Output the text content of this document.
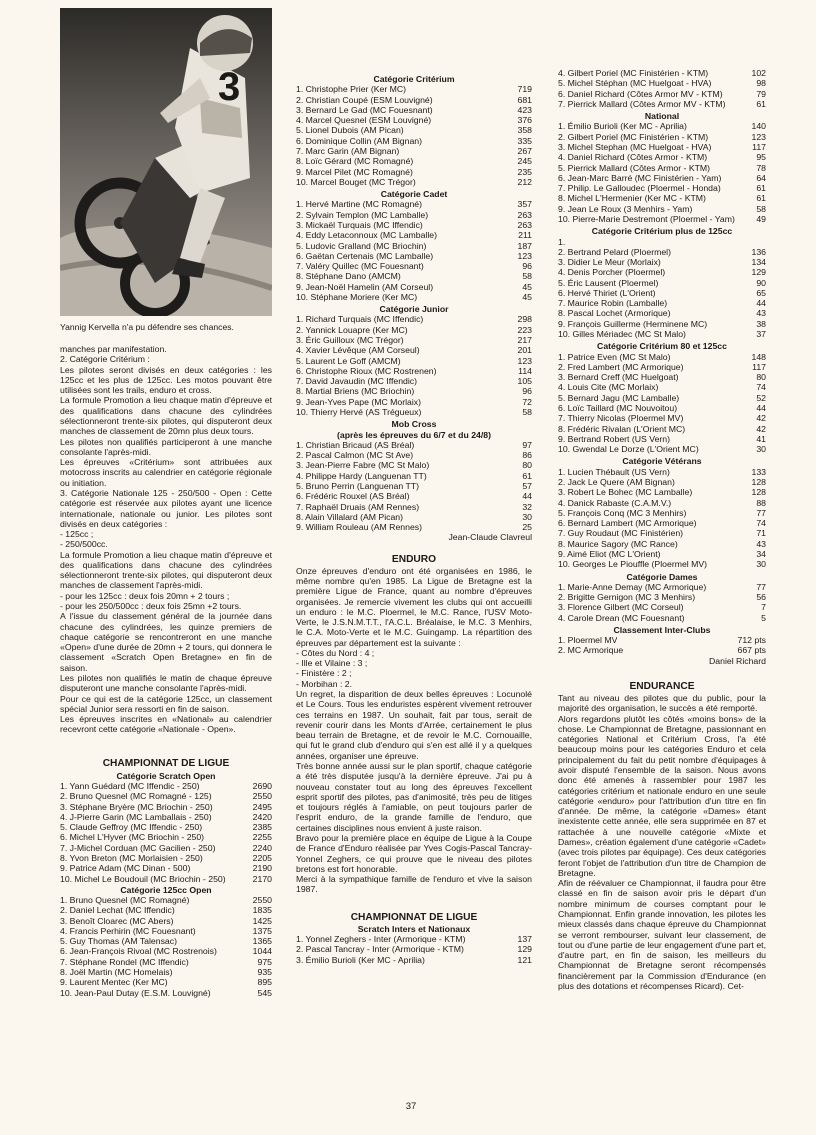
3
Yannig Kervella n'a pu défendre ses chances.

manches par manifestation.

2. Catégorie Critérium :

Les pilotes seront divisés en deux catégories : les 125cc et les plus de 125cc. Les motos pouvant être utilisées sont les trails, enduro et cross.

La formule Promotion a lieu chaque matin d'épreuve et des qualifications dans chacune des cylindrées sélectionneront trente-six pilotes, qui disputeront deux manches de classement de 20mn plus deux tours.

Les pilotes non qualifiés participeront à une manche consolante l'après-midi.

Les épreuves «Critérium» sont attribuées aux motocross inscrits au calendrier en catégorie régionale ou initiation.

3. Catégorie Nationale 125 - 250/500 - Open : Cette catégorie est réservée aux pilotes ayant une licence internationale, nationale ou junior. Les pilotes sont divisés en deux catégories :

- 125cc ;

- 250/500cc.

La formule Promotion a lieu chaque matin d'épreuve et des qualifications dans chacune des cylindrées sélectionneront trente-six pilotes, qui disputeront deux manches de classement l'après-midi.

- pour les 125cc : deux fois 20mn + 2 tours ;

- pour les 250/500cc : deux fois 25mn +2 tours.

A l'issue du classement général de la journée dans chacune des cylindrées, les quinze premiers de chaque catégorie se rencontreront en une manche «Open» d'une durée de 20mn + 2 tours, qui donnera le classement «Scratch Open Bretagne» en fin de saison.

Les pilotes non qualifiés le matin de chaque épreuve disputeront une manche consolante l'après-midi.

Pour ce qui est de la catégorie 125cc, un classement spécial Junior sera ressorti en fin de saison.

Les épreuves inscrites en «National» au calendrier recevront cette catégorie «Nationale - Open».

CHAMPIONNAT DE LIGUE
Catégorie Scratch Open
1. Yann Guédard (MC Iffendic - 250)	2690
2. Bruno Quesnel (MC Romagné - 125)	2550
3. Stéphane Bryère (MC Briochin - 250)	2495
4. J-Pierre Garin (MC Lamballais - 250)	2420
5. Claude Geffroy (MC Iffendic - 250)	2385
6. Michel L'Hyver (MC Briochin - 250)	2255
7. J-Michel Corduan (MC Gacilien - 250)	2240
8. Yvon Breton (MC Morlaisien - 250)	2205
9. Patrice Adam (MC Dinan - 500)	2190
10. Michel Le Boudouil (MC Briochin - 250)	2170
Catégorie 125cc Open
1. Bruno Quesnel (MC Romagné)	2550
2. Daniel Lechat (MC Iffendic)	1835
3. Benoît Cloarec (MC Abers)	1425
4. Francis Perhirin (MC Fouesnant)	1375
5. Guy Thomas (AM Talensac)	1365
6. Jean-François Rivoal (MC Rostrenois)	1044
7. Stéphane Rondel (MC Iffendic)	975
8. Joël Martin (MC Homelais)	935
9. Laurent Mentec (Ker MC)	895
10. Jean-Paul Dutay (E.S.M. Louvigné)	545
Catégorie Critérium
1. Christophe Prier (Ker MC)	719
2. Christian Coupé (ESM Louvigné)	681
3. Bernard Le Gad (MC Fouesnant)	423
4. Marcel Quesnel (ESM Louvigné)	376
5. Lionel Dubois (AM Pican)	358
6. Dominique Collin (AM Bignan)	335
7. Marc Garin (AM Bignan)	267
8. Loïc Gérard (MC Romagné)	245
9. Marcel Pilet (MC Romagné)	235
10. Marcel Bouget (MC Trégor)	212
Catégorie Cadet
1. Hervé Martine (MC Romagné)	357
2. Sylvain Templon (MC Lamballe)	263
3. Mickaël Turquais (MC Iffendic)	263
4. Eddy Letaconnoux (MC Lamballe)	211
5. Ludovic Gralland (MC Briochin)	187
6. Gaëtan Certenais (MC Lamballe)	123
7. Valéry Quillec (MC Fouesnant)	96
8. Stéphane Dano (AMCM)	58
9. Jean-Noël Hamelin (AM Corseul)	45
10. Stéphane Moriere (Ker MC)	45
Catégorie Junior
1. Richard Turquais (MC Iffendic)	298
2. Yannick Louapre (Ker MC)	223
3. Éric Guilloux (MC Trégor)	217
4. Xavier Lévêque (AM Corseul)	201
5. Laurent Le Goff (AMCM)	123
6. Christophe Rioux (MC Rostrenen)	114
7. David Javaudin (MC Iffendic)	105
8. Martial Briens (MC Briochin)	96
9. Jean-Yves Pape (MC Morlaix)	72
10. Thierry Hervé (AS Trégueux)	58
Mob Cross
(après les épreuves du 6/7 et du 24/8)
1. Christian Bricaud (AS Bréal)	97
2. Pascal Calmon (MC St Ave)	86
3. Jean-Pierre Fabre (MC St Malo)	80
4. Philippe Hardy (Languenan TT)	61
5. Bruno Perrin (Languenan TT)	57
6. Frédéric Rouxel (AS Bréal)	44
7. Raphaël Druais (AM Rennes)	32
8. Alain Villalard (AM Pican)	30
9. William Rouleau (AM Rennes)	25
Jean-Claude Clavreul
ENDURO

Onze épreuves d'enduro ont été organisées en 1986, le même nombre qu'en 1985. La Ligue de Bretagne est la première Ligue de France, quant au nombre d'épreuves organisées. Je remercie vivement les clubs qui ont accueilli un enduro : le M.C. Ploermel, le M.C. Rance, l'USV Moto-Verte, le J.S.N.M.T.T., l'A.C.L. Bréalaise, le M.C. 3 Menhirs, le C.A. Moto-Verte et le M.C. Guingamp. La répartition des épreuves par département est la suivante :

- Côtes du Nord : 4 ;

- Ille et Vilaine : 3 ;

- Finistère : 2 ;

- Morbihan : 2.

Un regret, la disparition de deux belles épreuves : Locunolé et Le Cours. Tous les enduristes espèrent vivement retrouver ces terrains en 1987. Un souhait, fait par tous, serait de revenir courir dans les Monts d'Arrée, certainement le plus beau terrain de Bretagne, et de revoir le M.C. Cornouaille, qui fut le grand club d'enduro qui s'en est allé il y a quelques années, organiser une épreuve.

Très bonne année aussi sur le plan sportif, chaque catégorie a été très disputée jusqu'à la dernière épreuve. J'ai pu à nouveau constater tout au long des épreuves l'excellent esprit sportif des pilotes, pas d'animosité, très peu de litiges et toujours réglés à l'amiable, on peut toujours parler de l'esprit enduro, de la grande famille de l'enduro, que certaines disciplines nous envient à juste raison.

Bravo pour la première place en équipe de Ligue à la Coupe de France d'Enduro réalisée par Yves Cogis-Pascal Tancray-Yonnel Zeghers, ce qui prouve que le niveau des pilotes bretons est fort honorable.

Merci à la sympathique famille de l'enduro et vive la saison 1987.

CHAMPIONNAT DE LIGUE
Scratch Inters et Nationaux
1. Yonnel Zeghers - Inter (Armorique - KTM)	137
2. Pascal Tancray - Inter (Armorique - KTM)	129
3. Émilio Burioli (Ker MC - Aprilia)	121
4. Gilbert Poriel (MC Finistérien - KTM)	102
5. Michel Stéphan (MC Huelgoat - HVA)	98
6. Daniel Richard (Côtes Armor MV - KTM)	79
7. Pierrick Mallard (Côtes Armor MV - KTM)	61
National
1. Émilio Burioli (Ker MC - Aprilia)	140
2. Gilbert Poriel (MC Finistérien - KTM)	123
3. Michel Stephan (MC Huelgoat - HVA)	117
4. Daniel Richard (Côtes Armor - KTM)	95
5. Pierrick Mallard (Côtes Armor - KTM)	78
6. Jean-Marc Barré (MC Finistérien - Yam)	64
7. Philip. Le Galloudec (Ploermel - Honda)	61
8. Michel L'Hermenier (Ker MC - KTM)	61
9. Jean Le Roux (3 Menhirs - Yam)	58
10. Pierre-Marie Destremont (Ploermel - Yam)	49
Catégorie Critérium plus de 125cc
1.
2. Bertrand Pelard (Ploermel)	136
3. Didier Le Meur (Morlaix)	134
4. Denis Porcher (Ploermel)	129
5. Éric Lausent (Ploermel)	90
6. Hervé Thiriet (L'Orient)	65
7. Maurice Robin (Lamballe)	44
8. Pascal Lochet (Armorique)	43
9. François Guillerme (Herminene MC)	38
10. Gilles Mériadec (MC St Malo)	37
Catégorie Critérium 80 et 125cc
1. Patrice Even (MC St Malo)	148
2. Fred Lambert (MC Armorique)	117
3. Bernard Creff (MC Huelgoat)	80
4. Louis Cite (MC Morlaix)	74
5. Bernard Jagu (MC Lamballe)	52
6. Loïc Taillard (MC Nouvoitou)	44
7. Thierry Nicolas (Ploermel MV)	42
8. Frédéric Rivalan (L'Orient MC)	42
9. Bertrand Robert (US Vern)	41
10. Gwendal Le Dorze (L'Orient MC)	30
Catégorie Vétérans
1. Lucien Thébault (US Vern)	133
2. Jack Le Quere (AM Bignan)	128
3. Robert Le Bohec (MC Lamballe)	128
4. Danick Rabaste (C.A.M.V.)	88
5. François Conq (MC 3 Menhirs)	77
6. Bernard Lambert (MC Armorique)	74
7. Guy Roudaut (MC Finistérien)	71
8. Maurice Sagory (MC Rance)	43
9. Aimé Eliot (MC L'Orient)	34
10. Georges Le Piouffle (Ploermel MV)	30
Catégorie Dames
1. Marie-Anne Demay (MC Armorique)	77
2. Brigitte Gernigon (MC 3 Menhirs)	56
3. Florence Gilbert (MC Corseul)	7
4. Carole Drean (MC Fouesnant)	5
Classement Inter-Clubs
1. Ploermel MV	712 pts
2. MC Armorique	667 pts
Daniel Richard
ENDURANCE

Tant au niveau des pilotes que du public, pour la majorité des organisation, le succès a été remporté.

Alors regardons plutôt les côtés «moins bons» de la chose. Le Championnat de Bretagne, passionnant en catégories National et Critérium Cross, l'a été beaucoup moins pour les catégories Enduro et cela principalement du fait du petit nombre d'équipages à avoir disputé l'ensemble de la saison. Nous avons donc été amenés à rassembler pour 1987 les catégories critérium et nationale enduro en une seule catégorie «enduro» pour l'attribution d'un titre en fin d'année. De même, la catégorie «Dames» étant inexistente cette année, elle sera supprimée en 87 et rattachée à une nouvelle catégorie «Mixte et Dames», création également d'une catégorie «Cadet» (avec trois pilotes par équipage). Ces deux catégories feront l'objet de l'attribution d'un titre de Champion de Bretagne.

Afin de réévaluer ce Championnat, il faudra pour être classé en fin de saison avoir pris le départ d'un nombre minimum de courses comptant pour le Championnat. Enfin grande innovation, les pilotes les mieux classés dans chaque épreuve du Championnat se verront rembourser, suivant leur classement, de tout ou d'une partie de leur engagement d'une part et, d'autre part, en fin de saison, les meilleurs du Championnat de Bretagne seront récompensés financièrement par la Commission d'Endurance (en plus des dotations et récompenses Ricard). Cet-

37
